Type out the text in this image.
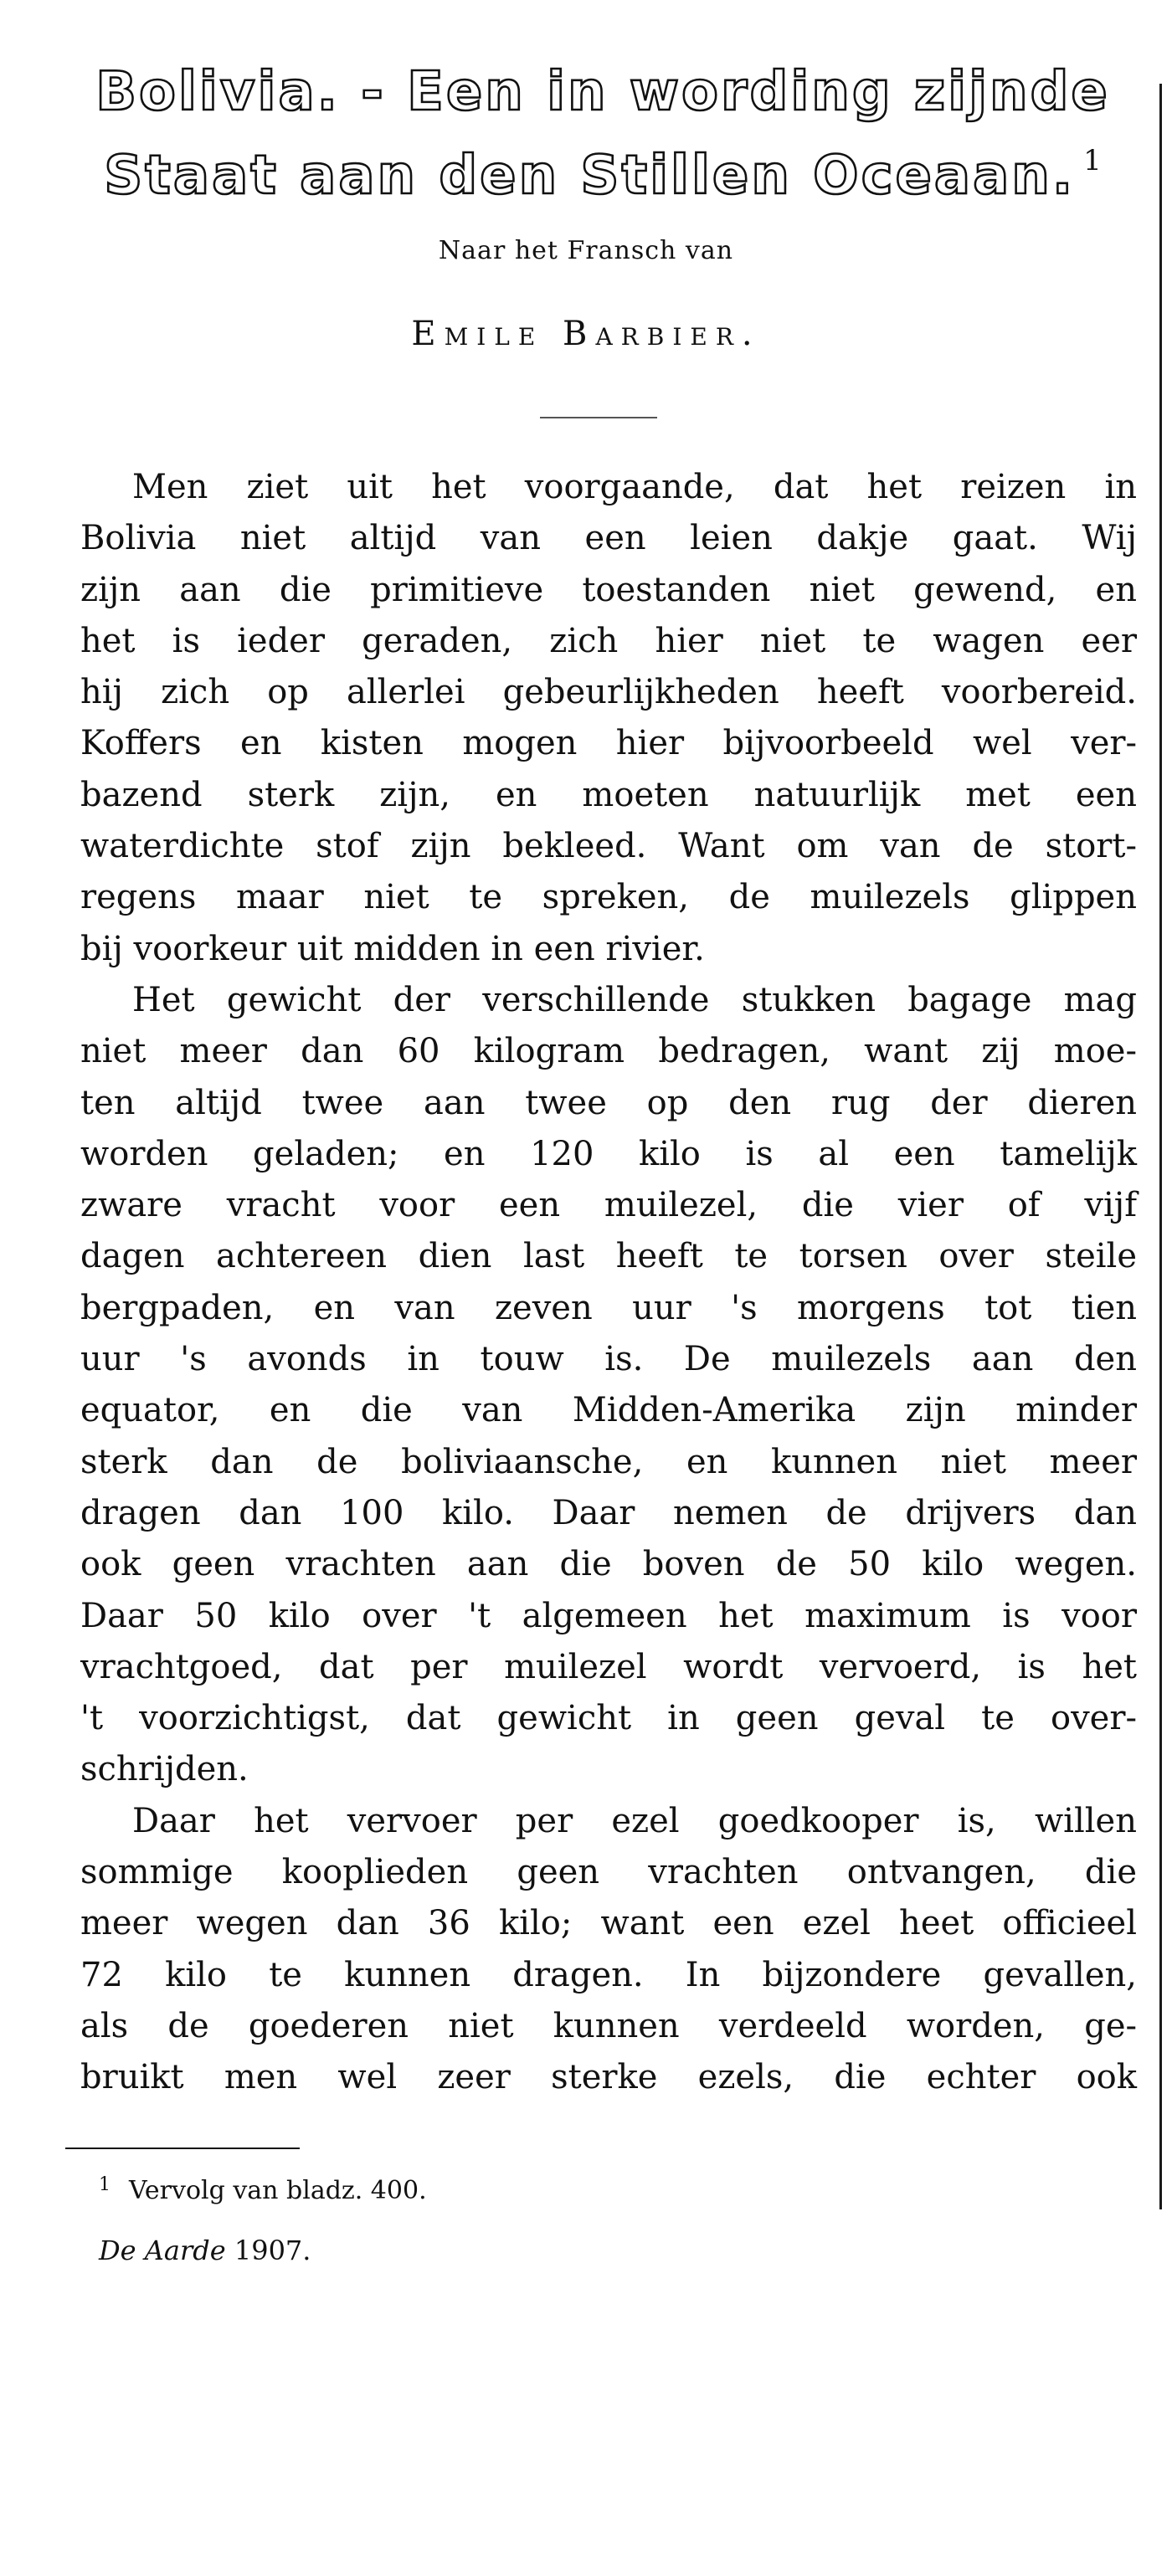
Bolivia. - Een in wording zijnde
Staat aan den Stillen Oceaan. $^1$

Naar het Fransch van

Emile Barbier.

Men ziet uit het voorgaande, dat het reizen in
Bolivia niet altijd van een leien dakje gaat. Wij
zijn aan die primitieve toestanden niet gewend, en
het is ieder geraden, zich hier niet te wagen eer
hij zich op allerlei gebeurlijkheden heeft voorbereid.
Koffers en kisten mogen hier bijvoorbeeld wel ver-
bazend sterk zijn, en moeten natuurlijk met een
waterdichte stof zijn bekleed. Want om van de stort-
regens maar niet te spreken, de muilezels glippen
bij voorkeur uit midden in een rivier.
Het gewicht der verschillende stukken bagage mag
niet meer dan 60 kilogram bedragen, want zij moe-
ten altijd twee aan twee op den rug der dieren
worden geladen; en 120 kilo is al een tamelijk
zware vracht voor een muilezel, die vier of vijf
dagen achtereen dien last heeft te torsen over steile
bergpaden, en van zeven uur 's morgens tot tien
uur 's avonds in touw is. De muilezels aan den
equator, en die van Midden-Amerika zijn minder
sterk dan de boliviaansche, en kunnen niet meer
dragen dan 100 kilo. Daar nemen de drijvers dan
ook geen vrachten aan die boven de 50 kilo wegen.
Daar 50 kilo over 't algemeen het maximum is voor
vrachtgoed, dat per muilezel wordt vervoerd, is het
't voorzichtigst, dat gewicht in geen geval te over-
schrijden.
Daar het vervoer per ezel goedkooper is, willen
sommige kooplieden geen vrachten ontvangen, die
meer wegen dan 36 kilo; want een ezel heet officieel
72 kilo te kunnen dragen. In bijzondere gevallen,
als de goederen niet kunnen verdeeld worden, ge-
bruikt men wel zeer sterke ezels, die echter ook

$^1$ Vervolg van bladz. 400.

De Aarde 1907.
